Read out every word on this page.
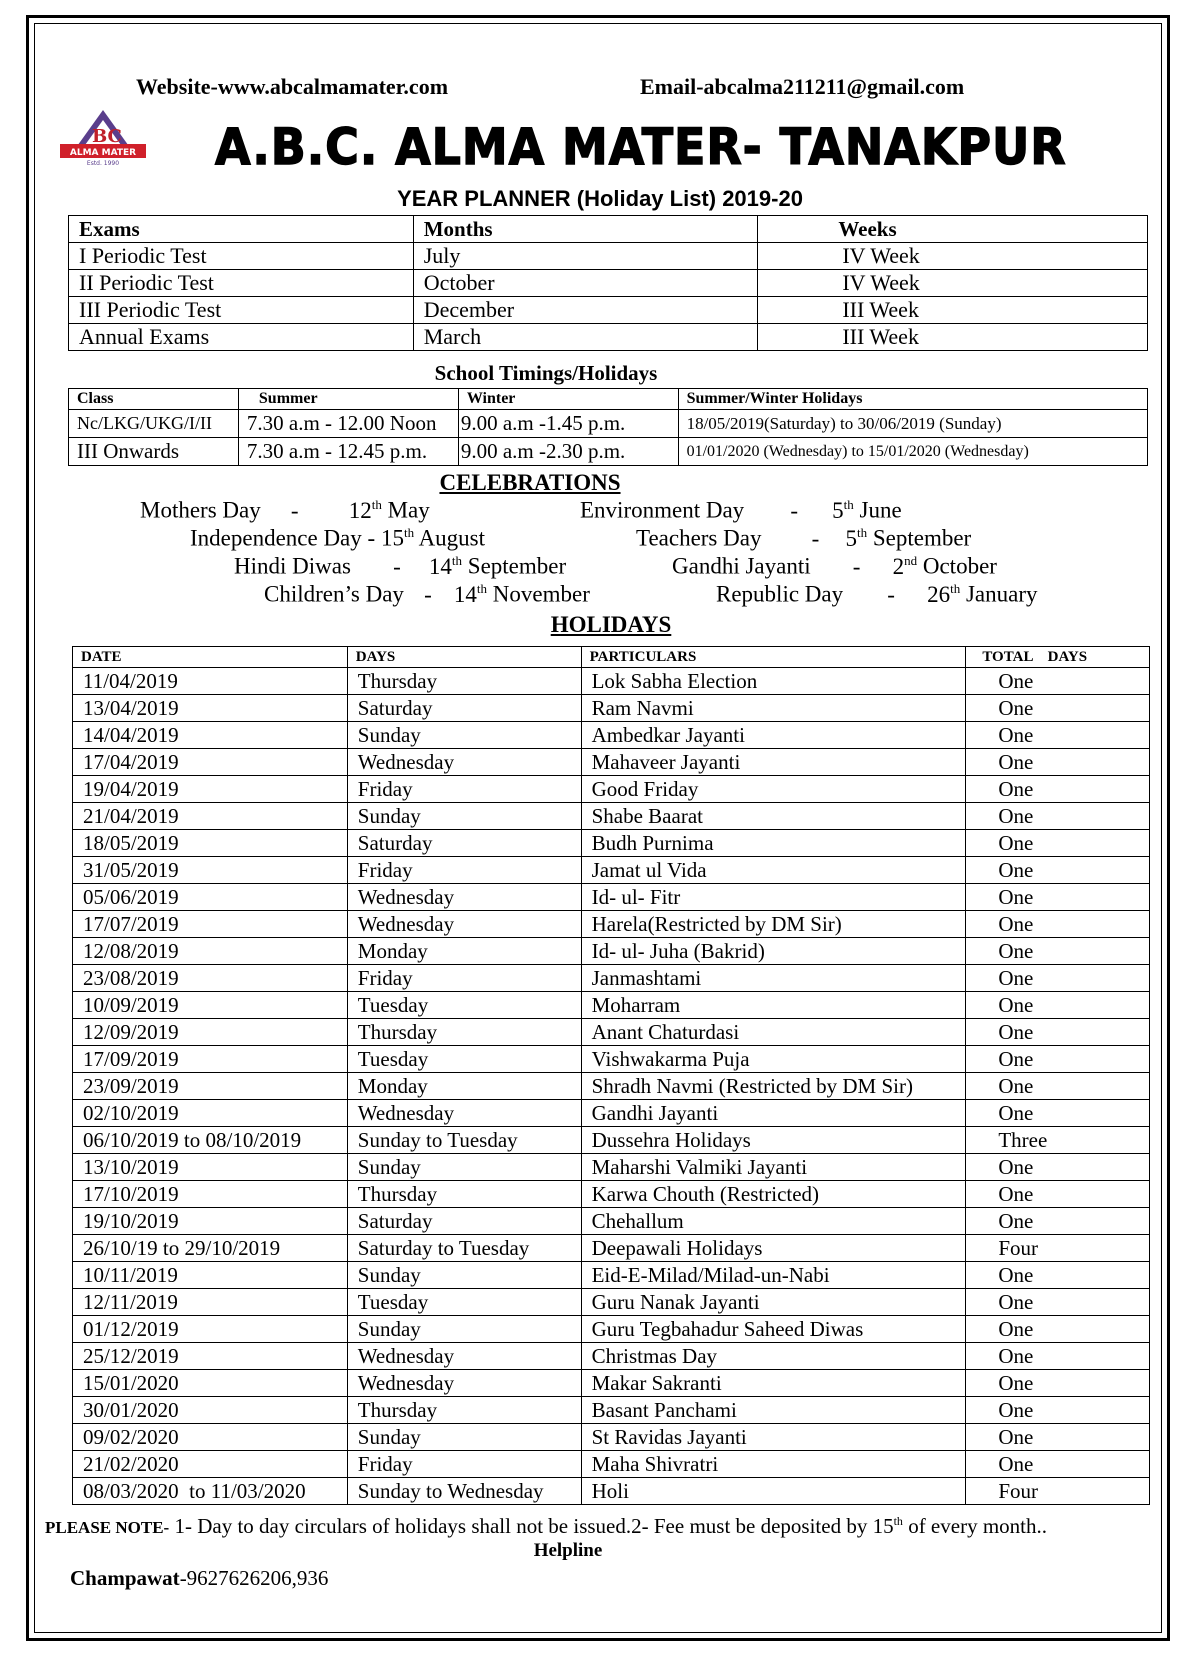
Website-www.abcalmamater.com	Email-abcalma211211@gmail.com
BC
ALMA MATER
Estd. 1990 A.B.C. ALMA MATER- TANAKPUR
YEAR PLANNER (Holiday List) 2019-20
Exams	Months	Weeks
I Periodic Test	July	IV Week
II Periodic Test	October	IV Week
III Periodic Test	December	III Week
Annual Exams	March	III Week
School Timings/Holidays
Class	Summer	Winter	Summer/Winter Holidays
Nc/LKG/UKG/I/II	7.30 a.m - 12.00 Noon	9.00 a.m -1.45 p.m.	18/05/2019(Saturday) to 30/06/2019 (Sunday)
III Onwards	7.30 a.m - 12.45 p.m.	9.00 a.m -2.30 p.m.	01/01/2020 (Wednesday) to 15/01/2020 (Wednesday)
CELEBRATIONS
Mothers Day - 12th May	Environment Day - 5th June
Independence Day - 15th August	Teachers Day - 5th September
Hindi Diwas - 14th September	Gandhi Jayanti - 2nd October
Children’s Day - 14th November	Republic Day - 26th January
HOLIDAYS
DATE	DAYS	PARTICULARS	TOTAL    DAYS
11/04/2019	Thursday	Lok Sabha Election	One
13/04/2019	Saturday	Ram Navmi	One
14/04/2019	Sunday	Ambedkar Jayanti	One
17/04/2019	Wednesday	Mahaveer Jayanti	One
19/04/2019	Friday	Good Friday	One
21/04/2019	Sunday	Shabe Baarat	One
18/05/2019	Saturday	Budh Purnima	One
31/05/2019	Friday	Jamat ul Vida	One
05/06/2019	Wednesday	Id- ul- Fitr	One
17/07/2019	Wednesday	Harela(Restricted by DM Sir)	One
12/08/2019	Monday	Id- ul- Juha (Bakrid)	One
23/08/2019	Friday	Janmashtami	One
10/09/2019	Tuesday	Moharram	One
12/09/2019	Thursday	Anant Chaturdasi	One
17/09/2019	Tuesday	Vishwakarma Puja	One
23/09/2019	Monday	Shradh Navmi (Restricted by DM Sir)	One
02/10/2019	Wednesday	Gandhi Jayanti	One
06/10/2019 to 08/10/2019	Sunday to Tuesday	Dussehra Holidays	Three
13/10/2019	Sunday	Maharshi Valmiki Jayanti	One
17/10/2019	Thursday	Karwa Chouth (Restricted)	One
19/10/2019	Saturday	Chehallum	One
26/10/19 to 29/10/2019	Saturday to Tuesday	Deepawali Holidays	Four
10/11/2019	Sunday	Eid-E-Milad/Milad-un-Nabi	One
12/11/2019	Tuesday	Guru Nanak Jayanti	One
01/12/2019	Sunday	Guru Tegbahadur Saheed Diwas	One
25/12/2019	Wednesday	Christmas Day	One
15/01/2020	Wednesday	Makar Sakranti	One
30/01/2020	Thursday	Basant Panchami	One
09/02/2020	Sunday	St Ravidas Jayanti	One
21/02/2020	Friday	Maha Shivratri	One
08/03/2020  to 11/03/2020	Sunday to Wednesday	Holi	Four
PLEASE NOTE- 1- Day to day circulars of holidays shall not be issued.2- Fee must be deposited by 15th of every month..
Helpline
Champawat-9627626206,936
